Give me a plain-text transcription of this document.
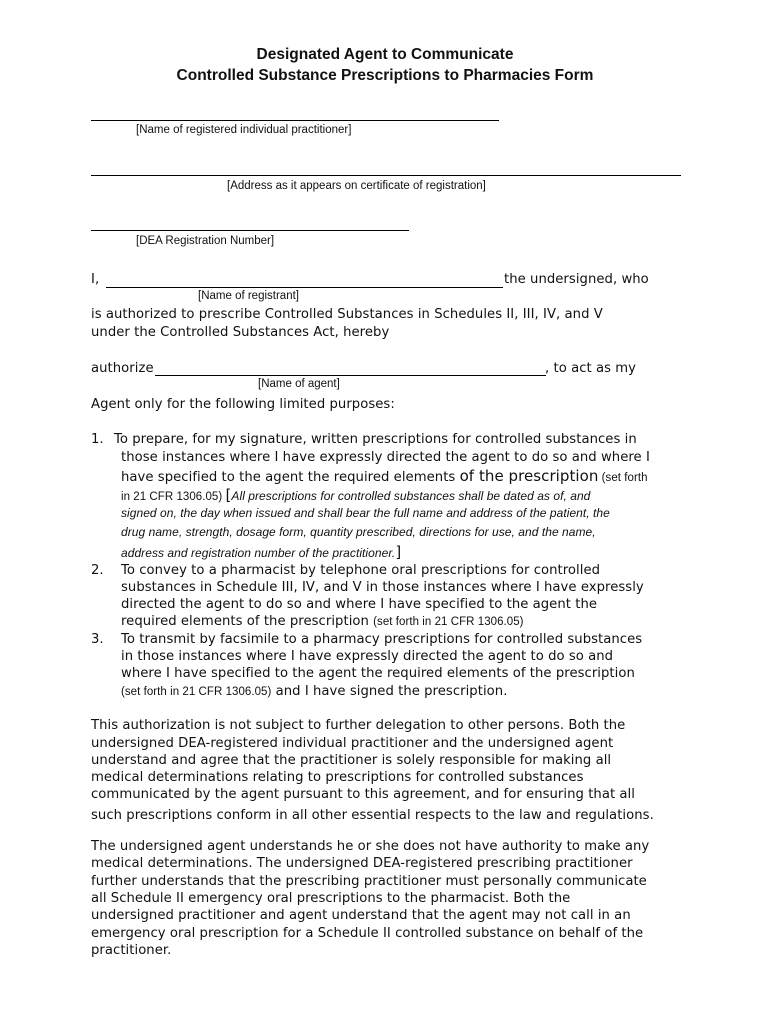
Designated Agent to Communicate
Controlled Substance Prescriptions to Pharmacies Form
[Name of registered individual practitioner]
[Address as it appears on certificate of registration]
[DEA Registration Number]
I,	the undersigned, who
[Name of registrant]
is authorized to prescribe Controlled Substances in Schedules II, III, IV, and V
under the Controlled Substances Act, hereby
authorize	, to act as my
[Name of agent]
Agent only for the following limited purposes:
1. To prepare, for my signature, written prescriptions for controlled substances in
those instances where I have expressly directed the agent to do so and where I
have specified to the agent the required elements of the prescription (set forth
in 21 CFR 1306.05) [All prescriptions for controlled substances shall be dated as of, and
signed on, the day when issued and shall bear the full name and address of the patient, the
drug name, strength, dosage form, quantity prescribed, directions for use, and the name,
address and registration number of the practitioner.]
2. To convey to a pharmacist by telephone oral prescriptions for controlled
substances in Schedule III, IV, and V in those instances where I have expressly
directed the agent to do so and where I have specified to the agent the
required elements of the prescription (set forth in 21 CFR 1306.05)
3. To transmit by facsimile to a pharmacy prescriptions for controlled substances
in those instances where I have expressly directed the agent to do so and
where I have specified to the agent the required elements of the prescription
(set forth in 21 CFR 1306.05) and I have signed the prescription.
This authorization is not subject to further delegation to other persons. Both the
undersigned DEA-registered individual practitioner and the undersigned agent
understand and agree that the practitioner is solely responsible for making all
medical determinations relating to prescriptions for controlled substances
communicated by the agent pursuant to this agreement, and for ensuring that all
such prescriptions conform in all other essential respects to the law and regulations.
The undersigned agent understands he or she does not have authority to make any
medical determinations. The undersigned DEA-registered prescribing practitioner
further understands that the prescribing practitioner must personally communicate
all Schedule II emergency oral prescriptions to the pharmacist. Both the
undersigned practitioner and agent understand that the agent may not call in an
emergency oral prescription for a Schedule II controlled substance on behalf of the
practitioner.
